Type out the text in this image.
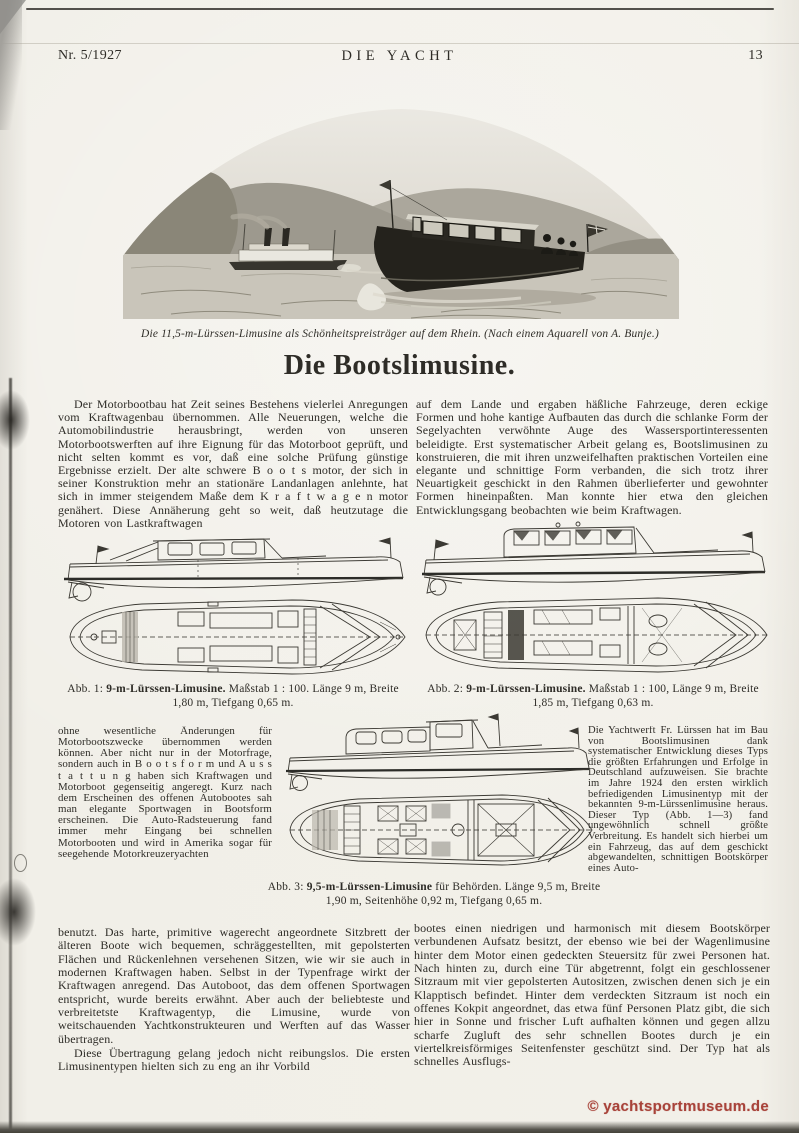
Nr. 5/1927	DIE YACHT	13
Die 11,5-m-Lürssen-Limusine als Schönheitspreisträger auf dem Rhein. (Nach einem Aquarell von A. Bunje.)
Die Bootslimusine.
Der Motorbootbau hat Zeit seines Bestehens vielerlei Anregungen vom Kraftwagenbau übernommen. Alle Neuerungen, welche die Automobilindustrie herausbringt, werden von unseren Motorbootswerften auf ihre Eignung für das Motorboot geprüft, und nicht selten kommt es vor, daß eine solche Prüfung günstige Ergebnisse erzielt. Der alte schwere B o o t s motor, der sich in seiner Konstruktion mehr an stationäre Landanlagen anlehnte, hat sich in immer steigendem Maße dem K r a f t w a g e n motor genähert. Diese Annäherung geht so weit, daß heutzutage die Motoren von Lastkraftwagen
auf dem Lande und ergaben häßliche Fahrzeuge, deren eckige Formen und hohe kantige Aufbauten das durch die schlanke Form der Segelyachten verwöhnte Auge des Wassersportinteressenten beleidigte. Erst systematischer Arbeit gelang es, Bootslimusinen zu konstruieren, die mit ihren unzweifelhaften praktischen Vorteilen eine elegante und schnittige Form verbanden, die sich trotz ihrer Neuartigkeit geschickt in den Rahmen überlieferter und gewohnter Formen hineinpaßten. Man konnte hier etwa den gleichen Entwicklungsgang beobachten wie beim Kraftwagen.
Abb. 1: 9-m-Lürssen-Limusine. Maßstab 1 : 100. Länge 9 m, Breite 1,80 m, Tiefgang 0,65 m.
Abb. 2: 9-m-Lürssen-Limusine. Maßstab 1 : 100, Länge 9 m, Breite 1,85 m, Tiefgang 0,63 m.
ohne wesentliche Änderungen für Motorbootszwecke übernommen werden können. Aber nicht nur in der Motorfrage, sondern auch in B o o t s f o r m und A u s s t a t t u n g haben sich Kraftwagen und Motorboot gegenseitig angeregt. Kurz nach dem Erscheinen des offenen Autobootes sah man elegante Sportwagen in Bootsform erscheinen. Die Auto-Radsteuerung fand immer mehr Eingang bei schnellen Motorbooten und wird in Amerika sogar für seegehende Motorkreuzeryachten
Die Yachtwerft Fr. Lürssen hat im Bau von Bootslimusinen dank systematischer Entwicklung dieses Typs die größten Erfahrungen und Erfolge in Deutschland aufzuweisen. Sie brachte im Jahre 1924 den ersten wirklich befriedigenden Limusinentyp mit der bekannten 9-m-Lürssenlimusine heraus. Dieser Typ (Abb. 1—3) fand ungewöhnlich schnell größte Verbreitung. Es handelt sich hierbei um ein Fahrzeug, das auf dem geschickt abgewandelten, schnittigen Bootskörper eines Auto-
Abb. 3: 9,5-m-Lürssen-Limusine für Behörden. Länge 9,5 m, Breite 1,90 m, Seitenhöhe 0,92 m, Tiefgang 0,65 m.
benutzt. Das harte, primitive wagerecht angeordnete Sitzbrett der älteren Boote wich bequemen, schräggestellten, mit gepolsterten Flächen und Rückenlehnen versehenen Sitzen, wie wir sie auch in modernen Kraftwagen haben. Selbst in der Typenfrage wirkt der Kraftwagen anregend. Das Autoboot, das dem offenen Sportwagen entspricht, wurde bereits erwähnt. Aber auch der beliebteste und verbreitetste Kraftwagentyp, die Limusine, wurde von weitschauenden Yachtkonstrukteuren und Werften auf das Wasser übertragen.
Diese Übertragung gelang jedoch nicht reibungslos. Die ersten Limusinentypen hielten sich zu eng an ihr Vorbild
bootes einen niedrigen und harmonisch mit diesem Bootskörper verbundenen Aufsatz besitzt, der ebenso wie bei der Wagenlimusine hinter dem Motor einen gedeckten Steuersitz für zwei Personen hat. Nach hinten zu, durch eine Tür abgetrennt, folgt ein geschlossener Sitzraum mit vier gepolsterten Autositzen, zwischen denen sich je ein Klapptisch befindet. Hinter dem verdeckten Sitzraum ist noch ein offenes Kokpit angeordnet, das etwa fünf Personen Platz gibt, die sich hier in Sonne und frischer Luft aufhalten können und gegen allzu scharfe Zugluft des sehr schnellen Bootes durch je ein viertelkreisförmiges Seitenfenster geschützt sind. Der Typ hat als schnelles Ausflugs-
© yachtsportmuseum.de
